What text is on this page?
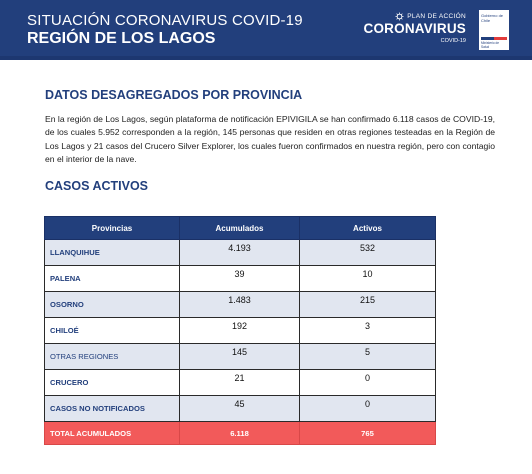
SITUACIÓN CORONAVIRUS COVID-19
REGIÓN DE LOS LAGOS
PLAN DE ACCIÓN
CORONAVIRUS
COVID-19
Gobierno de Chile
Ministerio de Salud
DATOS DESAGREGADOS POR PROVINCIA
En la región de Los Lagos, según plataforma de notificación EPIVIGILA se han confirmado 6.118 casos de COVID-19, de los cuales 5.952 corresponden a la región, 145 personas que residen en otras regiones testeadas en la Región de Los Lagos y 21 casos del Crucero Silver Explorer, los cuales fueron confirmados en nuestra región, pero con contagio en el interior de la nave.
CASOS ACTIVOS
Provincias	Acumulados	Activos
LLANQUIHUE	4.193	532
PALENA	39	10
OSORNO	1.483	215
CHILOÉ	192	3
OTRAS REGIONES	145	5
CRUCERO	21	0
CASOS NO NOTIFICADOS	45	0
TOTAL ACUMULADOS	6.118	765
